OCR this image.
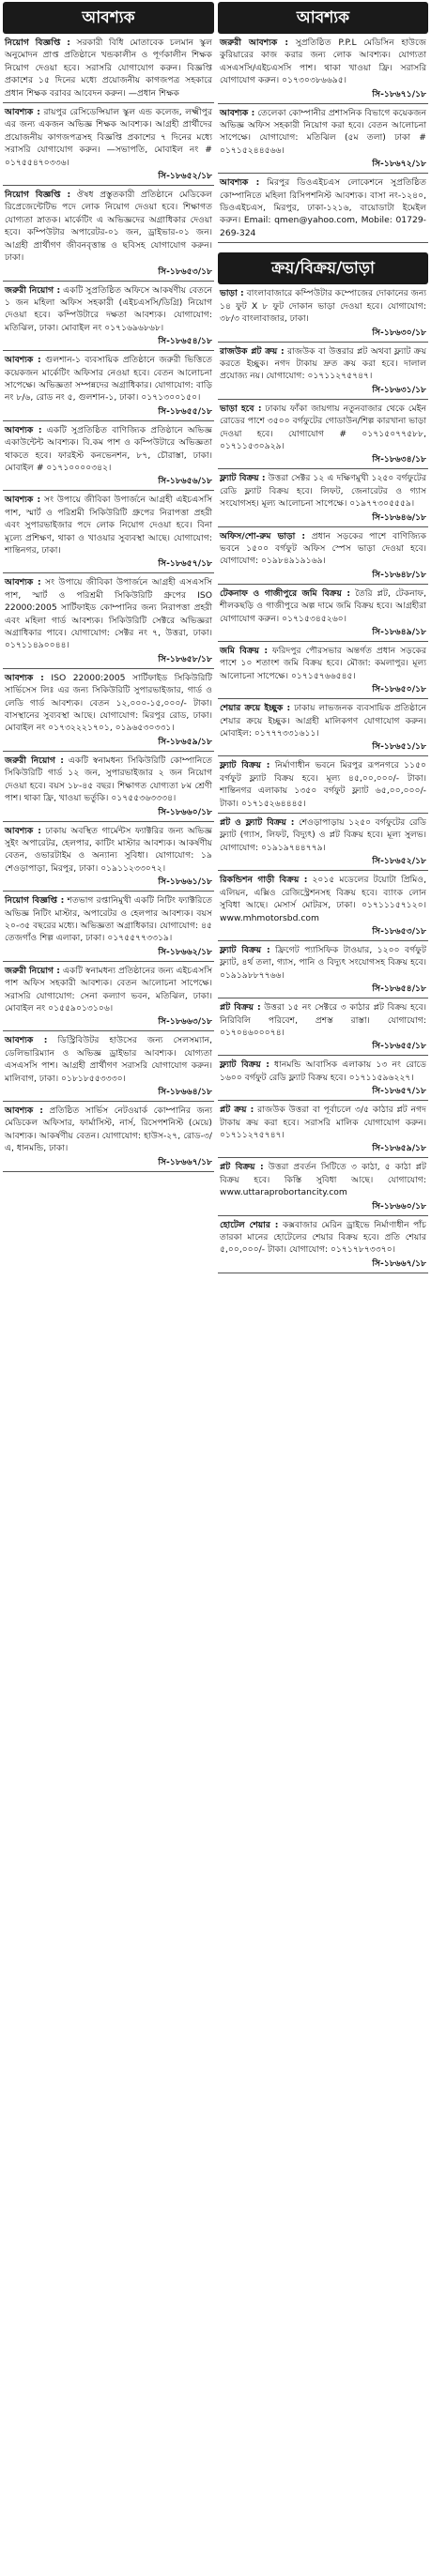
আবশ্যক
নিয়োগ বিজ্ঞপ্তি : সরকারী বিধি মোতাবেক চলমান স্কুল অনুমোদন প্রাপ্ত প্রতিষ্ঠানে খন্ডকালীন ও পূর্ণকালীন শিক্ষক নিয়োগ দেওয়া হবে। সরাসরি যোগাযোগ করুন। বিজ্ঞপ্তি প্রকাশের ১৫ দিনের মধ্যে প্রয়োজনীয় কাগজপত্র সহকারে প্রধান শিক্ষক বরাবর আবেদন করুন। —প্রধান শিক্ষক
আবশ্যক : রায়পুর রেসিডেন্সিয়াল স্কুল এন্ড কলেজ, লক্ষ্মীপুর এর জন্য একজন অভিজ্ঞ শিক্ষক আবশ্যক। আগ্রহী প্রার্থীদের প্রয়োজনীয় কাগজপত্রসহ বিজ্ঞপ্তি প্রকাশের ৭ দিনের মধ্যে সরাসরি যোগাযোগ করুন। —সভাপতি, মোবাইল নং # ০১৭৫৫৪৭০৩৩৬।
সি-১৮৬৫২/১৮
নিয়োগ বিজ্ঞপ্তি : ঔষধ প্রস্তুতকারী প্রতিষ্ঠানে মেডিকেল রিপ্রেজেন্টেটিভ পদে লোক নিয়োগ দেওয়া হবে। শিক্ষাগত যোগ্যতা স্নাতক। মার্কেটিং এ অভিজ্ঞদের অগ্রাধিকার দেওয়া হবে। কম্পিউটার অপারেটর-০১ জন, ড্রাইভার-০১ জন। আগ্রহী প্রার্থীগণ জীবনবৃত্তান্ত ও ছবিসহ যোগাযোগ করুন। ঢাকা।
সি-১৮৬৫৩/১৮
জরুরী নিয়োগ : একটি সুপ্রতিষ্ঠিত অফিসে আকর্ষণীয় বেতনে ১ জন মহিলা অফিস সহকারী (এইচএসসি/ডিগ্রি) নিয়োগ দেওয়া হবে। কম্পিউটারে দক্ষতা আবশ্যক। যোগাযোগ: মতিঝিল, ঢাকা। মোবাইল নং ০১৭১৬৯৬৮৬৮।
সি-১৮৬৫৪/১৮
আবশ্যক : গুলশান-১ ব্যবসায়িক প্রতিষ্ঠানে জরুরী ভিত্তিতে কয়েকজন মার্কেটিং অফিসার নেওয়া হবে। বেতন আলোচনা সাপেক্ষে। অভিজ্ঞতা সম্পন্নদের অগ্রাধিকার। যোগাযোগ: বাড়ি নং ৮/৬, রোড নং ৫, গুলশান-১, ঢাকা। ০১৭১৩০০১৫০।
সি-১৮৬৫৫/১৮
আবশ্যক : একটি সুপ্রতিষ্ঠিত বাণিজ্যিক প্রতিষ্ঠানে অভিজ্ঞ একাউন্টেন্ট আবশ্যক। বি.কম পাশ ও কম্পিউটারে অভিজ্ঞতা থাকতে হবে। ফারইস্ট কনভেনশন, ৮৭, চৌরাস্তা, ঢাকা। মোবাইল # ০১৭১০০০০৩৪২।
সি-১৮৬৫৬/১৮
আবশ্যক : সং উপায়ে জীবিকা উপার্জনে আগ্রহী এইচএসসি পাশ, স্মার্ট ও পরিশ্রমী সিকিউরিটি গ্রুপের নিরাপত্তা প্রহরী এবং সুপারভাইজার পদে লোক নিয়োগ দেওয়া হবে। বিনা মূল্যে প্রশিক্ষণ, থাকা ও খাওয়ার সুব্যবস্থা আছে। যোগাযোগ: শান্তিনগর, ঢাকা।
সি-১৮৬৫৭/১৮
আবশ্যক : সং উপায়ে জীবিকা উপার্জনে আগ্রহী এসএসসি পাশ, স্মার্ট ও পরিশ্রমী সিকিউরিটি গ্রুপের ISO 22000:2005 সার্টিফাইড কোম্পানির জন্য নিরাপত্তা প্রহরী এবং মহিলা গার্ড আবশ্যক। সিকিউরিটি সেক্টরে অভিজ্ঞরা অগ্রাধিকার পাবে। যোগাযোগ: সেক্টর নং ৭, উত্তরা, ঢাকা। ০১৭১১৪৯০০৪৪।
সি-১৮৬৫৮/১৮
আবশ্যক : ISO 22000:2005 সার্টিফাইড সিকিউরিটি সার্ভিসেস লিঃ এর জন্য সিকিউরিটি সুপারভাইজার, গার্ড ও লেডি গার্ড আবশ্যক। বেতন ১২,০০০-১৫,০০০/- টাকা। বাসস্থানের সুব্যবস্থা আছে। যোগাযোগ: মিরপুর রোড, ঢাকা। মোবাইল নং ০১৭৩২২২১৭০১, ০১৯৬৫৩০৩৩১।
সি-১৮৬৫৯/১৮
জরুরী নিয়োগ : একটি স্বনামধন্য সিকিউরিটি কোম্পানিতে সিকিউরিটি গার্ড ১২ জন, সুপারভাইজার ২ জন নিয়োগ দেওয়া হবে। বয়স ১৮-৪৫ বছর। শিক্ষাগত যোগ্যতা ৮ম শ্রেণী পাশ। থাকা ফ্রি, খাওয়া ভর্তুকি। ০১৭৫৫৩৬৩৩৩৪।
সি-১৮৬৬০/১৮
আবশ্যক : ঢাকায় অবস্থিত গার্মেন্টস ফ্যাক্টরির জন্য অভিজ্ঞ সুইং অপারেটর, হেলপার, কাটিং মাস্টার আবশ্যক। আকর্ষণীয় বেতন, ওভারটাইম ও অন্যান্য সুবিধা। যোগাযোগ: ১৯ শেওড়াপাড়া, মিরপুর, ঢাকা। ০১৯১১২৩৩০৭২।
সি-১৮৬৬১/১৮
নিয়োগ বিজ্ঞপ্তি : শতভাগ রপ্তানিমুখী একটি নিটিং ফ্যাক্টরিতে অভিজ্ঞ নিটিং মাস্টার, অপারেটর ও হেলপার আবশ্যক। বয়স ২০-৩৫ বছরের মধ্যে। অভিজ্ঞতা অগ্রাধিকার। যোগাযোগ: ৪৫ তেজগাঁও শিল্প এলাকা, ঢাকা। ০১৭৫৫৭৭৩৩১৯।
সি-১৮৬৬২/১৮
জরুরী নিয়োগ : একটি স্বনামধন্য প্রতিষ্ঠানের জন্য এইচএসসি পাশ অফিস সহকারী আবশ্যক। বেতন আলোচনা সাপেক্ষে। সরাসরি যোগাযোগ: সেনা কল্যাণ ভবন, মতিঝিল, ঢাকা। মোবাইল নং ০১৫৫৯০১৩১০৬।
সি-১৮৬৬৩/১৮
আবশ্যক : ডিস্ট্রিবিউটর হাউসের জন্য সেলসম্যান, ডেলিভারিম্যান ও অভিজ্ঞ ড্রাইভার আবশ্যক। যোগ্যতা এসএসসি পাশ। আগ্রহী প্রার্থীগণ সরাসরি যোগাযোগ করুন। মালিবাগ, ঢাকা। ০১৮১৮৫৫৩৩৩০।
সি-১৮৬৬৪/১৮
আবশ্যক : প্রতিষ্ঠিত সার্ভিস নেটওয়ার্ক কোম্পানির জন্য মেডিকেল অফিসার, ফার্মাসিস্ট, নার্স, রিসেপশনিস্ট (মেয়ে) আবশ্যক। আকর্ষণীয় বেতন। যোগাযোগ: হাউস-২৭, রোড-৩/এ, ধানমন্ডি, ঢাকা।
সি-১৮৬৬৭/১৮
আবশ্যক
জরুরী আবশ্যক : সুপ্রতিষ্ঠিত P.P.L মেডিসিন হাউজে কুরিয়ারের কাজ করার জন্য লোক আবশ্যক। যোগ্যতা এসএসসি/এইচএসসি পাশ। থাকা খাওয়া ফ্রি। সরাসরি যোগাযোগ করুন। ০১৭৩০৩৮৬৬৯৫।
সি-১৮৬৭১/১৮
আবশ্যক : তেলেকা কোম্পানীর প্রশাসনিক বিভাগে কয়েকজন অভিজ্ঞ অফিস সহকারী নিয়োগ করা হবে। বেতন আলোচনা সাপেক্ষে। যোগাযোগ: মতিঝিল (৫ম তলা) ঢাকা # ০১৭১৫২৪৪৫৬৬।
সি-১৮৬৭২/১৮
আবশ্যক : মিরপুর ডিওএইচএস লোকেশনে সুপ্রতিষ্ঠিত কোম্পানিতে মহিলা রিসিপশনিস্ট আবশ্যক। বাসা নং-১২৪০, ডিওএইচএস, মিরপুর, ঢাকা-১২১৬, বায়োডাটা ইমেইল করুন। Email: qmen@yahoo.com, Mobile: 01729-269-324
ক্রয়/বিক্রয়/ভাড়া
ভাড়া : বাংলাবাজারে কম্পিউটার কম্পোজের দোকানের জন্য ১৪ ফুট X ৮ ফুট দোকান ভাড়া দেওয়া হবে। যোগাযোগ: ৩৮/৩ বাংলাবাজার, ঢাকা।
সি-১৮৬৩০/১৮
রাজউক প্লট ক্রয় : রাজউক বা উত্তরার প্লট অথবা ফ্ল্যাট ক্রয় করতে ইচ্ছুক। নগদ টাকায় দ্রুত ক্রয় করা হবে। দালাল প্রযোজ্য নয়। যোগাযোগ: ০১৭১১২৭৫৭৪৭।
সি-১৮৬৩১/১৮
ভাড়া হবে : ঢাকায় ফাঁকা জায়গায় নতুনবাজার থেকে মেইন রোডের পাশে ৩৫০০ বর্গফুটের গোডাউন/শিল্প কারখানা ভাড়া দেওয়া হবে। যোগাযোগ # ০১৭১৫০৭৭৫৮৮, ০১৭১১৫৩০৯২৯।
সি-১৮৬৩৪/১৮
ফ্ল্যাট বিক্রয় : উত্তরা সেক্টর ১২ এ দক্ষিণমুখী ১২৫০ বর্গফুটের রেডি ফ্ল্যাট বিক্রয় হবে। লিফট, জেনারেটর ও গ্যাস সংযোগসহ। মূল্য আলোচনা সাপেক্ষে। ০১৯৭৭৩০৫৫৫৯।
সি-১৮৬৪৬/১৮
অফিস/শো-রুম ভাড়া : প্রধান সড়কের পাশে বাণিজ্যিক ভবনে ১৫০০ বর্গফুট অফিস স্পেস ভাড়া দেওয়া হবে। যোগাযোগ: ০১৯৮৪৯১৯১৬৯।
সি-১৮৬৪৮/১৮
টেকনাফ ও গাজীপুরে জমি বিক্রয় : তৈরি প্লট, টেকনাফ, শীলকছড়ি ও গাজীপুরে অল্প দামে জমি বিক্রয় হবে। আগ্রহীরা যোগাযোগ করুন। ০১৭১৫৩৪৫২৬০।
সি-১৮৬৪৯/১৮
জমি বিক্রয় : ফরিদপুর পৌরসভার অন্তর্গত প্রধান সড়কের পাশে ১০ শতাংশ জমি বিক্রয় হবে। মৌজা: কমলাপুর। মূল্য আলোচনা সাপেক্ষে। ০১৭১৫৭৬৬৫৪৫।
সি-১৮৬৫০/১৮
শেয়ার ক্রয়ে ইচ্ছুক : ঢাকায় লাভজনক ব্যবসায়িক প্রতিষ্ঠানে শেয়ার ক্রয়ে ইচ্ছুক। আগ্রহী মালিকগণ যোগাযোগ করুন। মোবাইল: ০১৭৭৭৩৩১৬১১।
সি-১৮৬৫১/১৮
ফ্ল্যাট বিক্রয় : নির্মাণাধীন ভবনে মিরপুর রূপনগরে ১১৫০ বর্গফুট ফ্ল্যাট বিক্রয় হবে। মূল্য ৪৫,০০,০০০/- টাকা। শান্তিনগর এলাকায় ১৩৫০ বর্গফুট ফ্ল্যাট ৬৫,০০,০০০/- টাকা। ০১৭১৫২৬৪৪৪৫।
প্লট ও ফ্ল্যাট বিক্রয় : শেওড়াপাড়ায় ১২৫০ বর্গফুটের রেডি ফ্ল্যাট (গ্যাস, লিফট, বিদ্যুৎ) ও প্লট বিক্রয় হবে। মূল্য সুলভ। যোগাযোগ: ০১৯১৯৭৪৪৭৭৯।
সি-১৮৬৫২/১৮
রিকন্ডিশন গাড়ী বিক্রয় : ২০১৫ মডেলের টয়োটা প্রিমিও, এলিয়ন, এক্সিও রেজিস্ট্রেশনসহ বিক্রয় হবে। ব্যাংক লোন সুবিধা আছে। মেসার্স মোটরস, ঢাকা। ০১৭১১১৫৭১২০। www.mhmotorsbd.com
সি-১৮৬৫৩/১৮
ফ্ল্যাট বিক্রয় : ফ্রিগেট প্যাসিফিক টাওয়ার, ১২০০ বর্গফুট ফ্ল্যাট, ৪র্থ তলা, গ্যাস, পানি ও বিদ্যুৎ সংযোগসহ বিক্রয় হবে। ০১৯১৯৮৮৭৭৬৬।
সি-১৮৬৫৪/১৮
প্লট বিক্রয় : উত্তরা ১৫ নং সেক্টরে ৩ কাঠার প্লট বিক্রয় হবে। নিরিবিলি পরিবেশ, প্রশস্ত রাস্তা। যোগাযোগ: ০১৭০৪৬০০০৭৪।
সি-১৮৬৫৫/১৮
ফ্ল্যাট বিক্রয় : ধানমন্ডি আবাসিক এলাকায় ১৩ নং রোডে ১৬০০ বর্গফুট রেডি ফ্ল্যাট বিক্রয় হবে। ০১৭১১৫৯৬২২৭।
সি-১৮৬৫৭/১৮
প্লট ক্রয় : রাজউক উত্তরা বা পূর্বাচলে ৩/৫ কাঠার প্লট নগদ টাকায় ক্রয় করা হবে। সরাসরি মালিক যোগাযোগ করুন। ০১৭১১২৭৫৭৪৭।
সি-১৮৬৫৯/১৮
প্লট বিক্রয় : উত্তরা প্রবর্তন সিটিতে ৩ কাঠা, ৫ কাঠা প্লট বিক্রয় হবে। কিস্তি সুবিধা আছে। যোগাযোগ: www.uttaraprobortancity.com
সি-১৮৬৬০/১৮
হোটেল শেয়ার : কক্সবাজার মেরিন ড্রাইভে নির্মাণাধীন পাঁচ তারকা মানের হোটেলের শেয়ার বিক্রয় হবে। প্রতি শেয়ার ৫,০০,০০০/- টাকা। যোগাযোগ: ০১৭১৭৮৭৩৩৭০।
সি-১৮৬৬৭/১৮
